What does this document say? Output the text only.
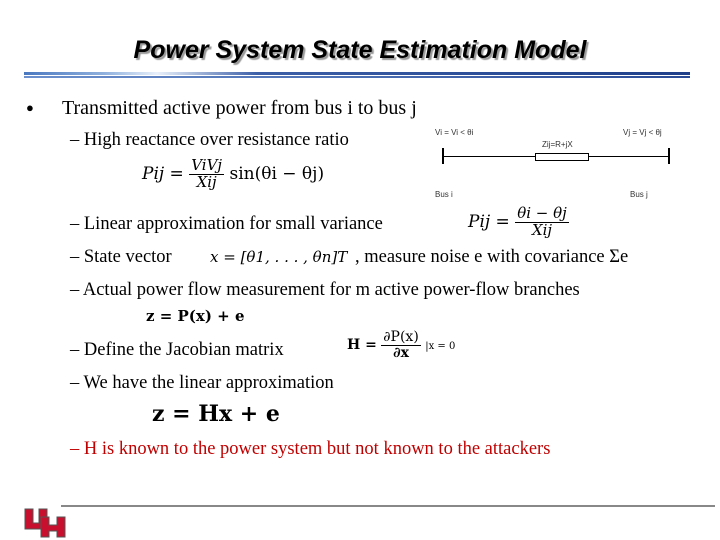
Power System State Estimation Model
● Transmitted active power from bus i to bus j
– High reactance over resistance ratio	Vi = Vi < θi	Vj = Vj < θj
Zij=R+jX
Bus i	Bus j
Pij = $\frac{\text{ViVj}}{\text{Xij}} \sin(\theta i - \theta j)$
– Linear approximation for small variance	Pij = $\frac{\theta i - \theta j}{\text{Xij}}$
– State vector	x = [θ1, . . . , θn]T , measure noise e with covariance Σe
– Actual power flow measurement for m active power-flow branches
z = P(x) + e
– Define the Jacobian matrix	$H = \frac{\partial P(x)}{\partial x} |x = 0$
– We have the linear approximation
z = Hx + e
– H is known to the power system but not known to the attackers
